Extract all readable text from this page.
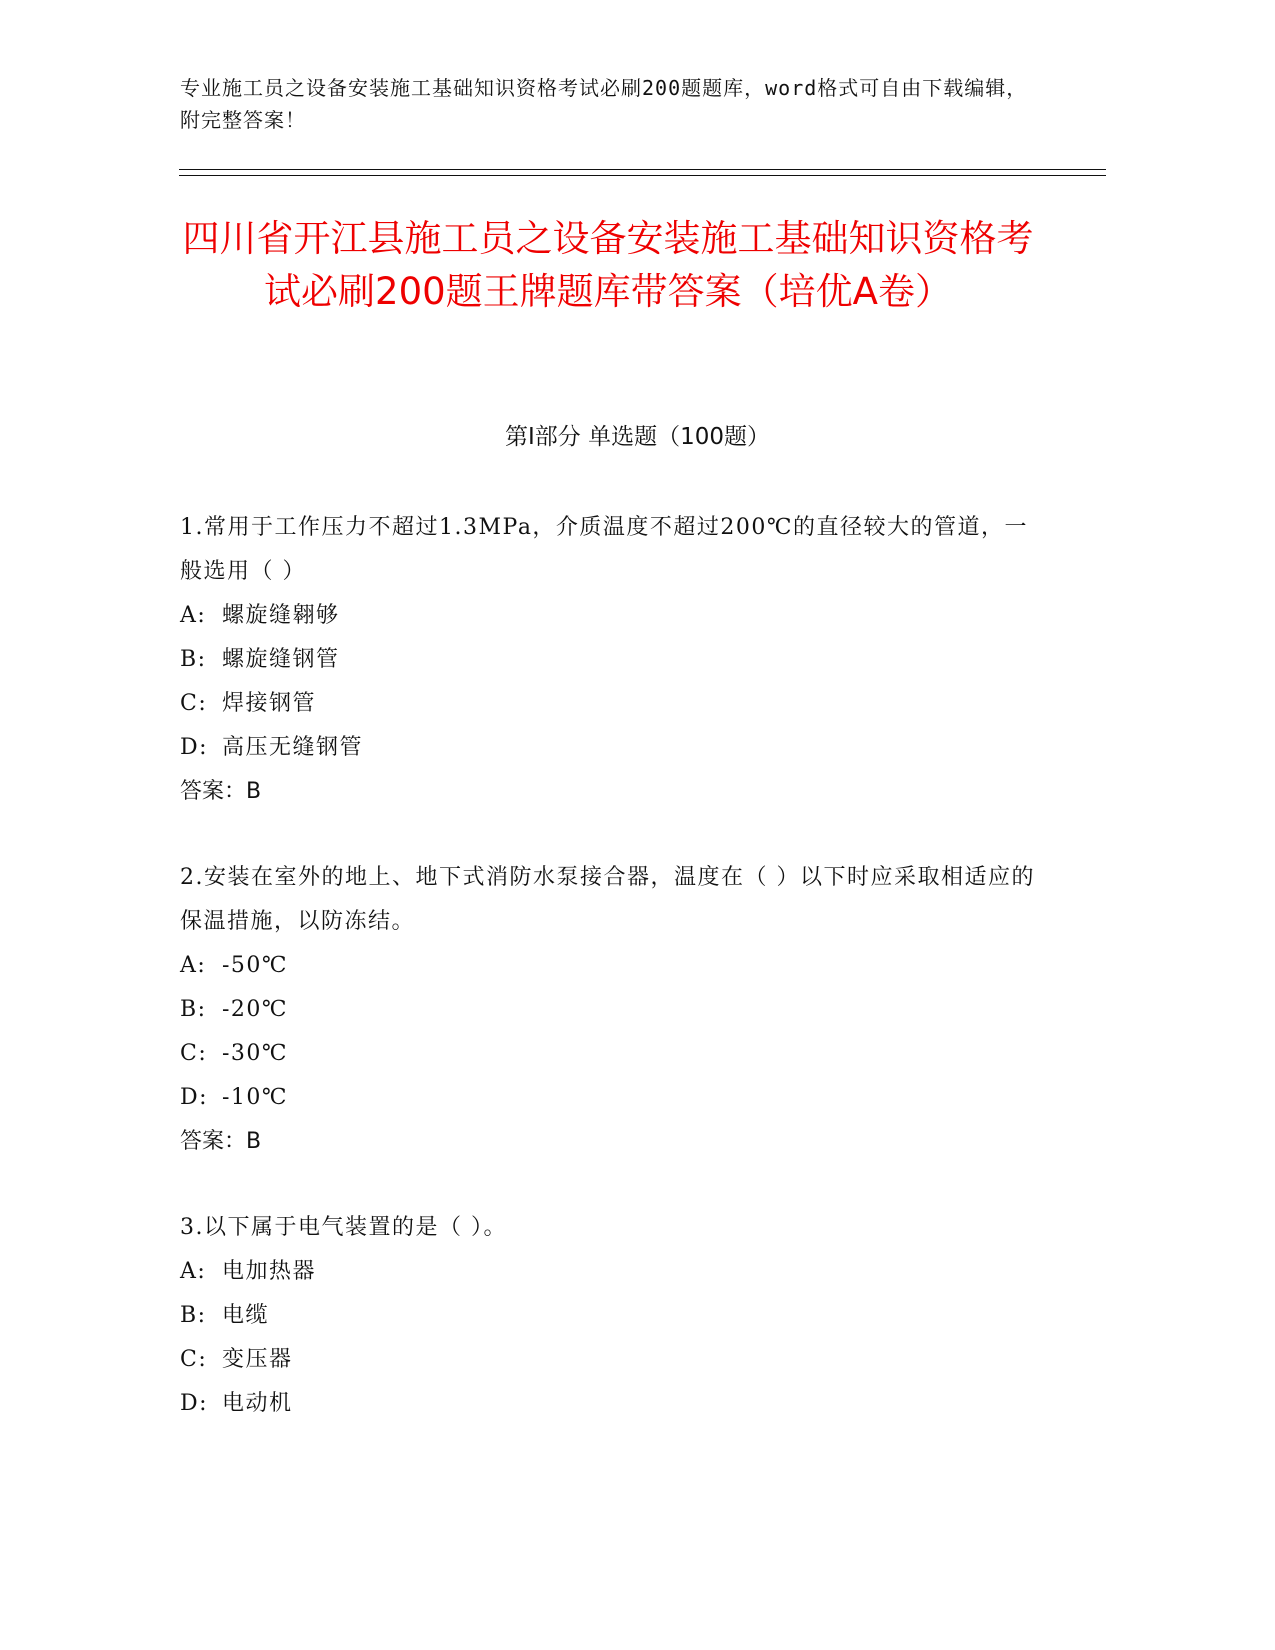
专业施工员之设备安装施工基础知识资格考试必刷200题题库，word格式可自由下载编辑，附完整答案！
四川省开江县施工员之设备安装施工基础知识资格考试必刷200题王牌题库带答案（培优A卷）
第Ⅰ部分 单选题（100题）
1.常用于工作压力不超过1.3MPa，介质温度不超过200℃的直径较大的管道，一般选用（ ）
A: 螺旋缝翱够
B: 螺旋缝钢管
C: 焊接钢管
D: 高压无缝钢管
答案：B
2.安装在室外的地上、地下式消防水泵接合器，温度在（ ）以下时应采取相适应的保温措施，以防冻结。
A: -50℃
B: -20℃
C: -30℃
D: -10℃
答案：B
3.以下属于电气装置的是（ ）。
A: 电加热器
B: 电缆
C: 变压器
D: 电动机
